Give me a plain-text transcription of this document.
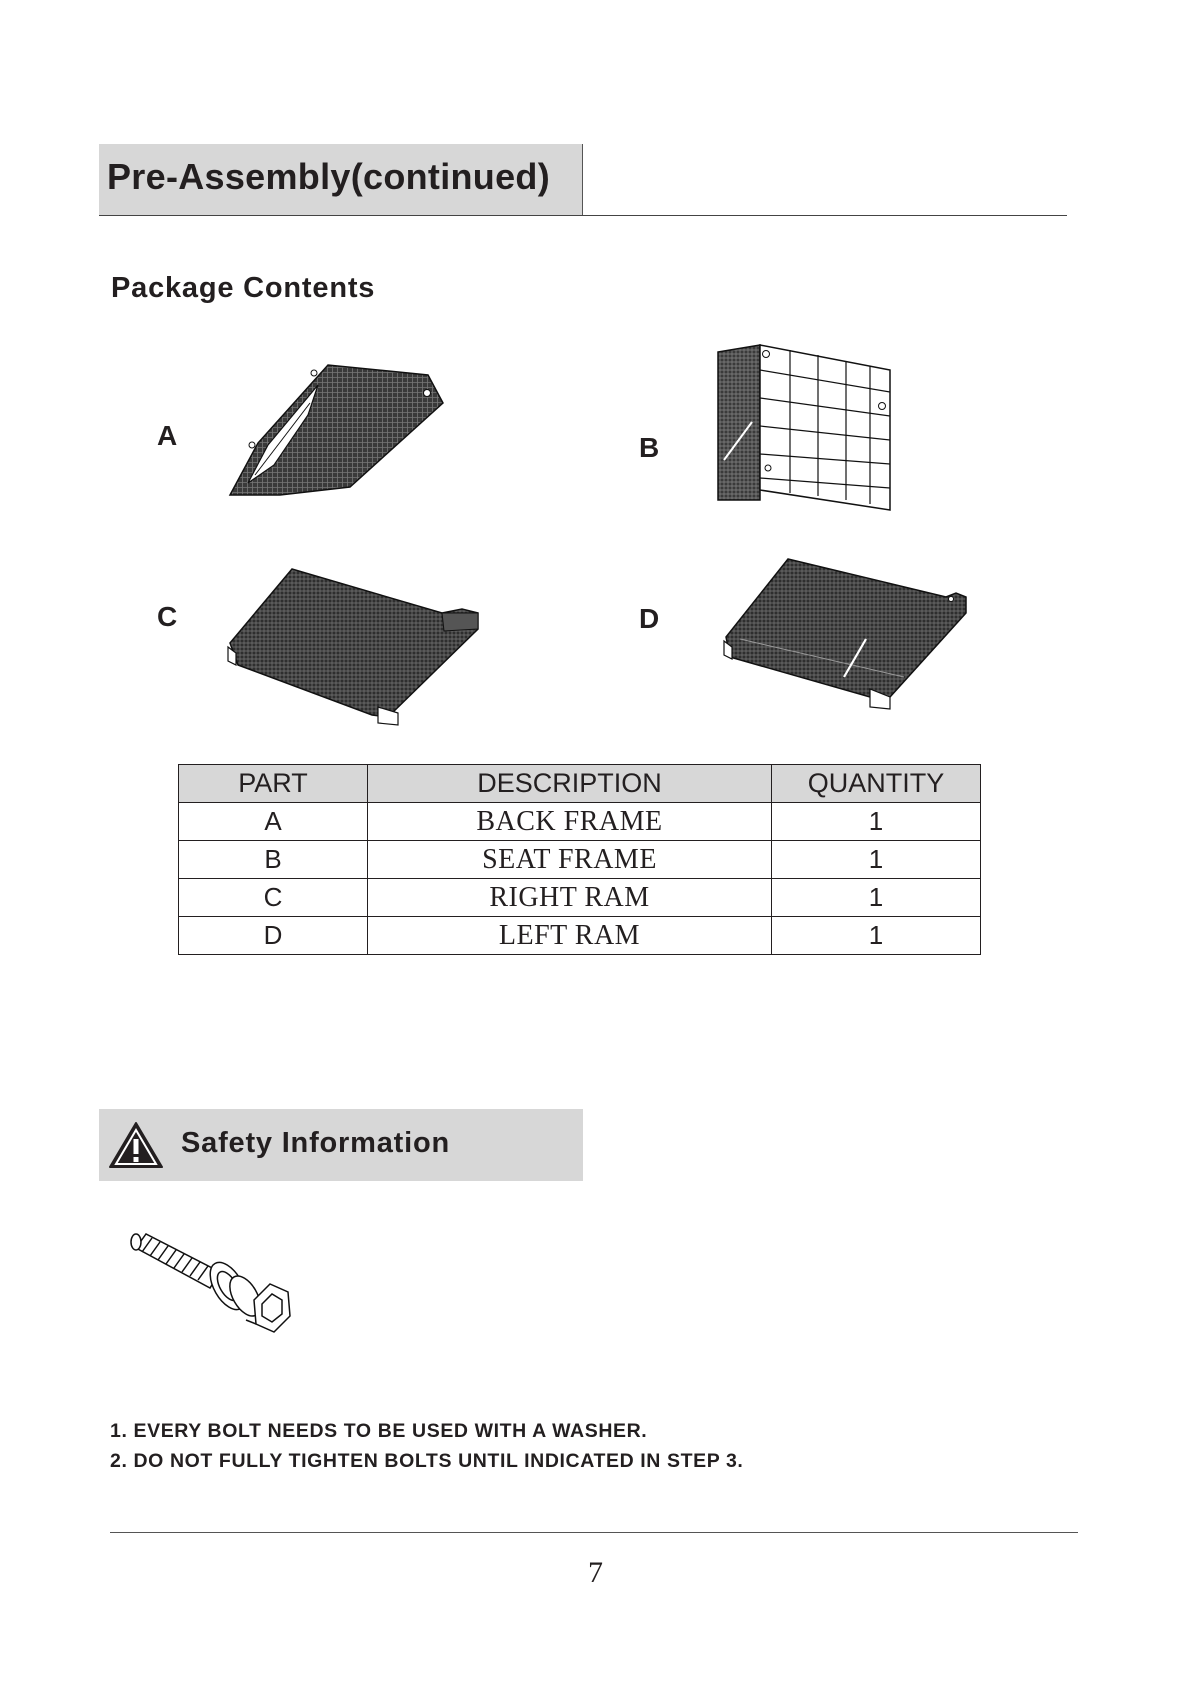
Pre-Assembly(continued)
Package Contents
A	B
C	D
PART	DESCRIPTION	QUANTITY
A	BACK FRAME	1
B	SEAT FRAME	1
C	RIGHT RAM	1
D	LEFT RAM	1
Safety Information
1. EVERY BOLT NEEDS TO BE USED WITH A WASHER.
2. DO NOT FULLY TIGHTEN BOLTS UNTIL INDICATED IN STEP 3.
7
